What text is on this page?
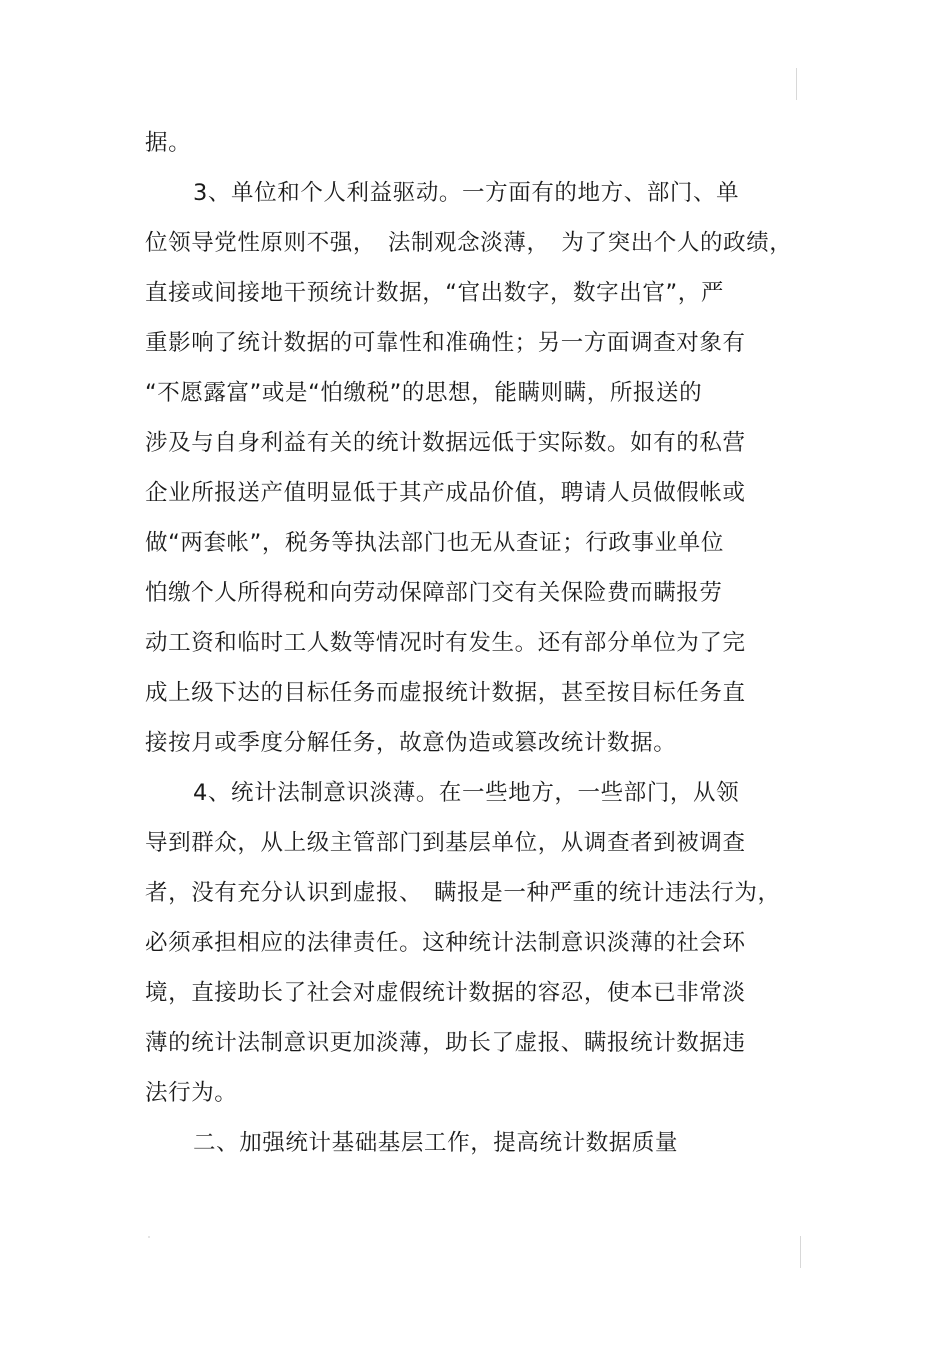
据。
3、单位和个人利益驱动。一方面有的地方、部门、单
位领导党性原则不强，　法制观念淡薄，　为了突出个人的政绩，
直接或间接地干预统计数据，“官出数字，数字出官”，严
重影响了统计数据的可靠性和准确性；另一方面调查对象有
“不愿露富”或是“怕缴税”的思想，能瞒则瞒，所报送的
涉及与自身利益有关的统计数据远低于实际数。如有的私营
企业所报送产值明显低于其产成品价值，聘请人员做假帐或
做“两套帐”，税务等执法部门也无从查证；行政事业单位
怕缴个人所得税和向劳动保障部门交有关保险费而瞒报劳
动工资和临时工人数等情况时有发生。还有部分单位为了完
成上级下达的目标任务而虚报统计数据，甚至按目标任务直
接按月或季度分解任务，故意伪造或篡改统计数据。
4、统计法制意识淡薄。在一些地方，一些部门，从领
导到群众，从上级主管部门到基层单位，从调查者到被调查
者，没有充分认识到虚报、　瞒报是一种严重的统计违法行为，
必须承担相应的法律责任。这种统计法制意识淡薄的社会环
境，直接助长了社会对虚假统计数据的容忍，使本已非常淡
薄的统计法制意识更加淡薄，助长了虚报、瞒报统计数据违
法行为。
二、加强统计基础基层工作，提高统计数据质量
